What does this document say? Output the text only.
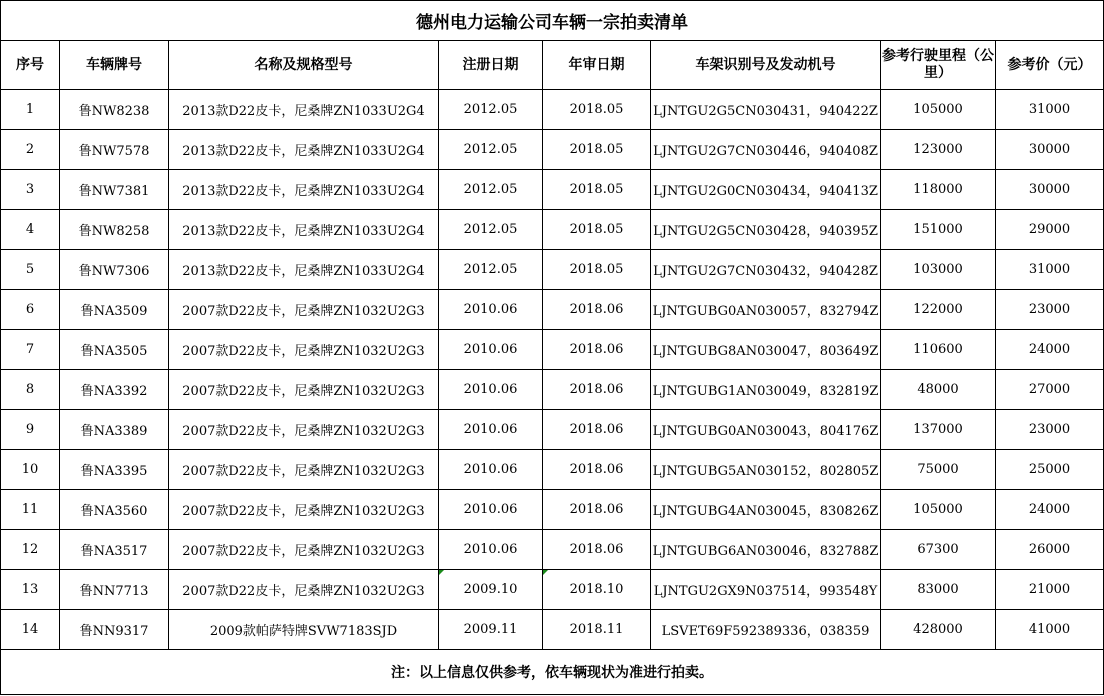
德州电力运输公司车辆一宗拍卖清单							
序号	车辆牌号	名称及规格型号	注册日期	年审日期	车架识别号及发动机号	参考行驶里程（公里）	参考价（元）
1	鲁NW8238	2013款D22皮卡，尼桑牌ZN1033U2G4	2012.05	2018.05	LJNTGU2G5CN030431，940422Z	105000	31000
2	鲁NW7578	2013款D22皮卡，尼桑牌ZN1033U2G4	2012.05	2018.05	LJNTGU2G7CN030446，940408Z	123000	30000
3	鲁NW7381	2013款D22皮卡，尼桑牌ZN1033U2G4	2012.05	2018.05	LJNTGU2G0CN030434，940413Z	118000	30000
4	鲁NW8258	2013款D22皮卡，尼桑牌ZN1033U2G4	2012.05	2018.05	LJNTGU2G5CN030428，940395Z	151000	29000
5	鲁NW7306	2013款D22皮卡，尼桑牌ZN1033U2G4	2012.05	2018.05	LJNTGU2G7CN030432，940428Z	103000	31000
6	鲁NA3509	2007款D22皮卡，尼桑牌ZN1032U2G3	2010.06	2018.06	LJNTGUBG0AN030057，832794Z	122000	23000
7	鲁NA3505	2007款D22皮卡，尼桑牌ZN1032U2G3	2010.06	2018.06	LJNTGUBG8AN030047，803649Z	110600	24000
8	鲁NA3392	2007款D22皮卡，尼桑牌ZN1032U2G3	2010.06	2018.06	LJNTGUBG1AN030049，832819Z	48000	27000
9	鲁NA3389	2007款D22皮卡，尼桑牌ZN1032U2G3	2010.06	2018.06	LJNTGUBG0AN030043，804176Z	137000	23000
10	鲁NA3395	2007款D22皮卡，尼桑牌ZN1032U2G3	2010.06	2018.06	LJNTGUBG5AN030152，802805Z	75000	25000
11	鲁NA3560	2007款D22皮卡，尼桑牌ZN1032U2G3	2010.06	2018.06	LJNTGUBG4AN030045，830826Z	105000	24000
12	鲁NA3517	2007款D22皮卡，尼桑牌ZN1032U2G3	2010.06	2018.06	LJNTGUBG6AN030046，832788Z	67300	26000
13	鲁NN7713	2007款D22皮卡，尼桑牌ZN1032U2G3	2009.10	2018.10	LJNTGU2GX9N037514，993548Y	83000	21000
14	鲁NN9317	2009款帕萨特牌SVW7183SJD	2009.11	2018.11	LSVET69F592389336，038359	428000	41000
注：以上信息仅供参考，依车辆现状为准进行拍卖。							
